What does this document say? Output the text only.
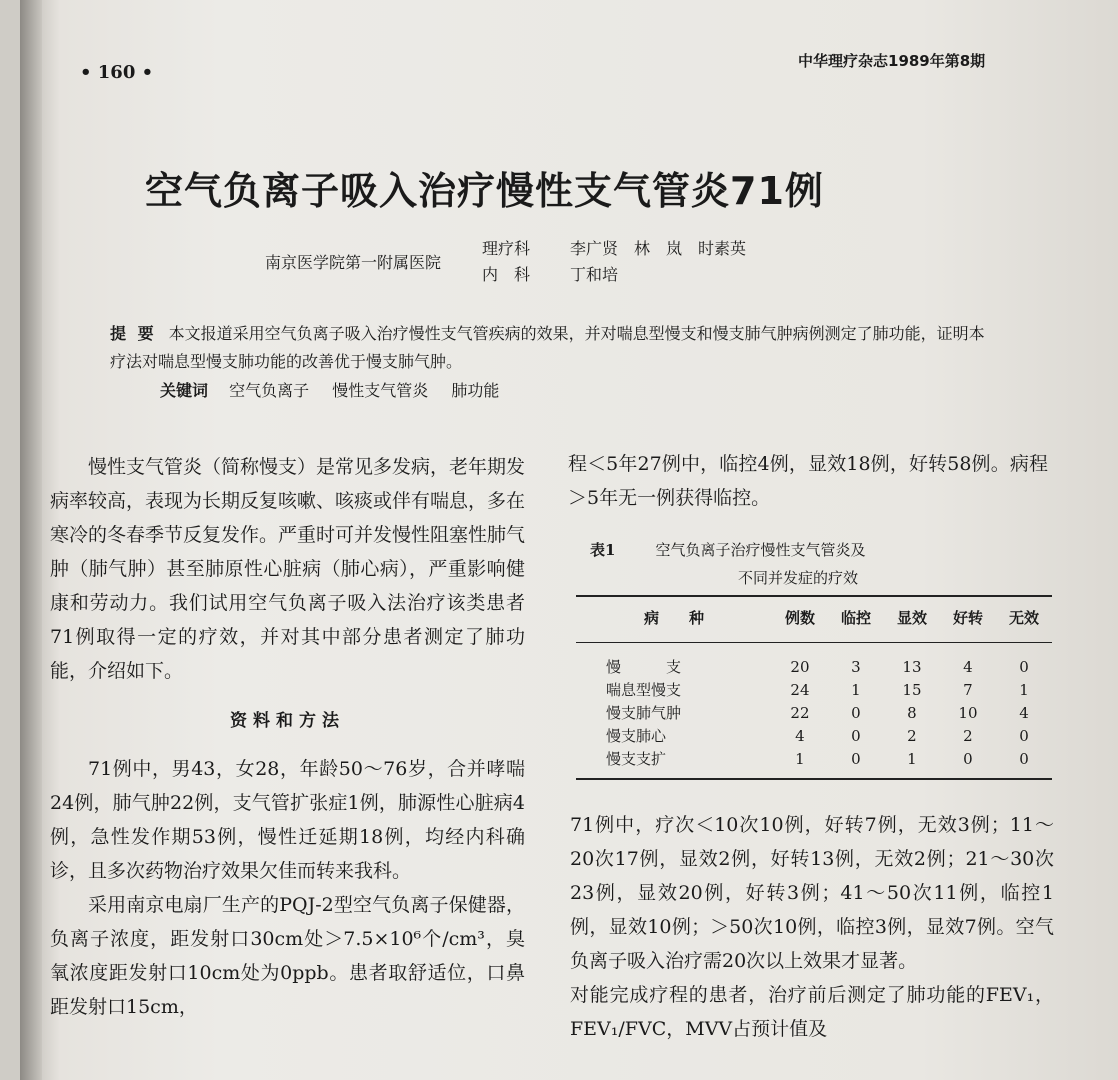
• 160 •
中华理疗杂志1989年第8期
空气负离子吸入治疗慢性支气管炎71例
南京医学院第一附属医院
理疗科 李广贤　林　岚　时素英
内　科 丁和培
提 要 本文报道采用空气负离子吸入治疗慢性支气管疾病的效果，并对喘息型慢支和慢支肺气肿病例测定了肺功能，证明本疗法对喘息型慢支肺功能的改善优于慢支肺气肿。
关键词 空气负离子 慢性支气管炎 肺功能

慢性支气管炎（简称慢支）是常见多发病，老年期发病率较高，表现为长期反复咳嗽、咳痰或伴有喘息，多在寒冷的冬春季节反复发作。严重时可并发慢性阻塞性肺气肿（肺气肿）甚至肺原性心脏病（肺心病），严重影响健康和劳动力。我们试用空气负离子吸入法治疗该类患者71例取得一定的疗效，并对其中部分患者测定了肺功能，介绍如下。

资料和方法

71例中，男43，女28，年龄50～76岁，合并哮喘24例，肺气肿22例，支气管扩张症1例，肺源性心脏病4例，急性发作期53例，慢性迁延期18例，均经内科确诊，且多次药物治疗效果欠佳而转来我科。

采用南京电扇厂生产的PQJ-2型空气负离子保健器，负离子浓度，距发射口30cm处＞7.5×10⁶个/cm³，臭氧浓度距发射口10cm处为0ppb。患者取舒适位，口鼻距发射口15cm，

程＜5年27例中，临控4例，显效18例，好转58例。病程＞5年无一例获得临控。

表1	空气负离子治疗慢性支气管炎及
不同并发症的疗效
病　　种	例数	临控	显效	好转	无效
慢　　　支	20	3	13	4	0
喘息型慢支	24	1	15	7	1
慢支肺气肿	22	0	8	10	4
慢支肺心	4	0	2	2	0
慢支支扩	1	0	1	0	0

71例中，疗次＜10次10例，好转7例，无效3例；11～20次17例，显效2例，好转13例，无效2例；21～30次23例，显效20例，好转3例；41～50次11例，临控1例，显效10例；＞50次10例，临控3例，显效7例。空气负离子吸入治疗需20次以上效果才显著。

对能完成疗程的患者，治疗前后测定了肺功能的FEV₁，FEV₁/FVC，MVV占预计值及
